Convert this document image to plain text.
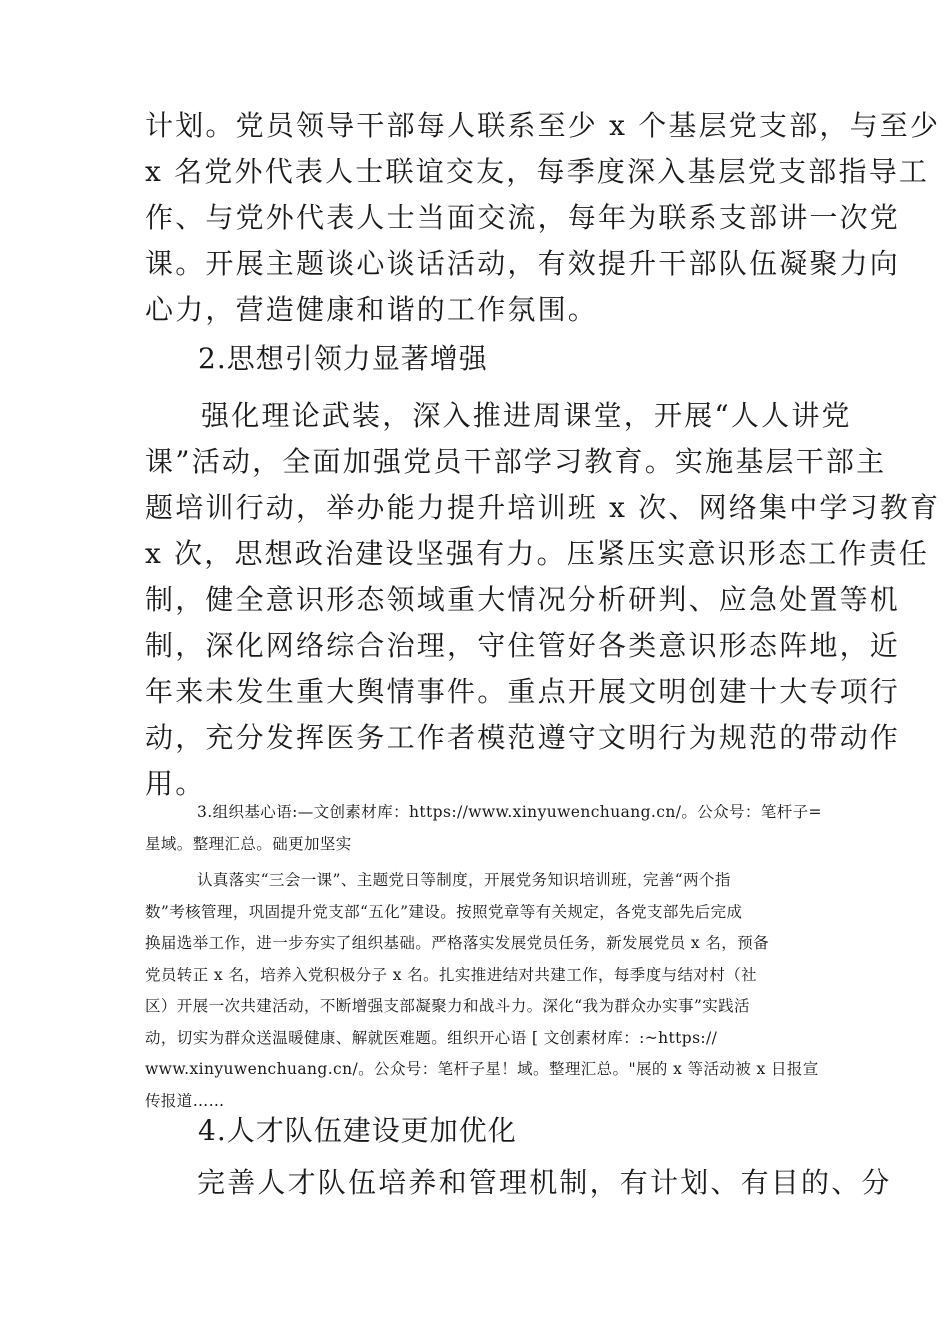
计划。党员领导干部每人联系至少 x 个基层党支部，与至少
x 名党外代表人士联谊交友，每季度深入基层党支部指导工
作、与党外代表人士当面交流，每年为联系支部讲一次党
课。开展主题谈心谈话活动，有效提升干部队伍凝聚力向
心力，营造健康和谐的工作氛围。
2.思想引领力显著增强
强化理论武装，深入推进周课堂，开展“人人讲党
课”活动，全面加强党员干部学习教育。实施基层干部主
题培训行动，举办能力提升培训班 x 次、网络集中学习教育
x 次，思想政治建设坚强有力。压紧压实意识形态工作责任
制，健全意识形态领域重大情况分析研判、应急处置等机
制，深化网络综合治理，守住管好各类意识形态阵地，近
年来未发生重大舆情事件。重点开展文明创建十大专项行
动，充分发挥医务工作者模范遵守文明行为规范的带动作
用。
3.组织基心语:—文创素材库：https://www.xinyuwenchuang.cn/。公众号：笔杆子=
星域。整理汇总。础更加坚实
认真落实“三会一课”、主题党日等制度，开展党务知识培训班，完善“两个指
数”考核管理，巩固提升党支部“五化”建设。按照党章等有关规定，各党支部先后完成
换届选举工作，进一步夯实了组织基础。严格落实发展党员任务，新发展党员 x 名，预备
党员转正 x 名，培养入党积极分子 x 名。扎实推进结对共建工作，每季度与结对村（社
区）开展一次共建活动，不断增强支部凝聚力和战斗力。深化“我为群众办实事”实践活
动，切实为群众送温暖健康、解就医难题。组织开心语 [ 文创素材库：:~https://
www.xinyuwenchuang.cn/。公众号：笔杆子星！域。整理汇总。"展的 x 等活动被 x 日报宣
传报道……
4.人才队伍建设更加优化
完善人才队伍培养和管理机制，有计划、有目的、分
